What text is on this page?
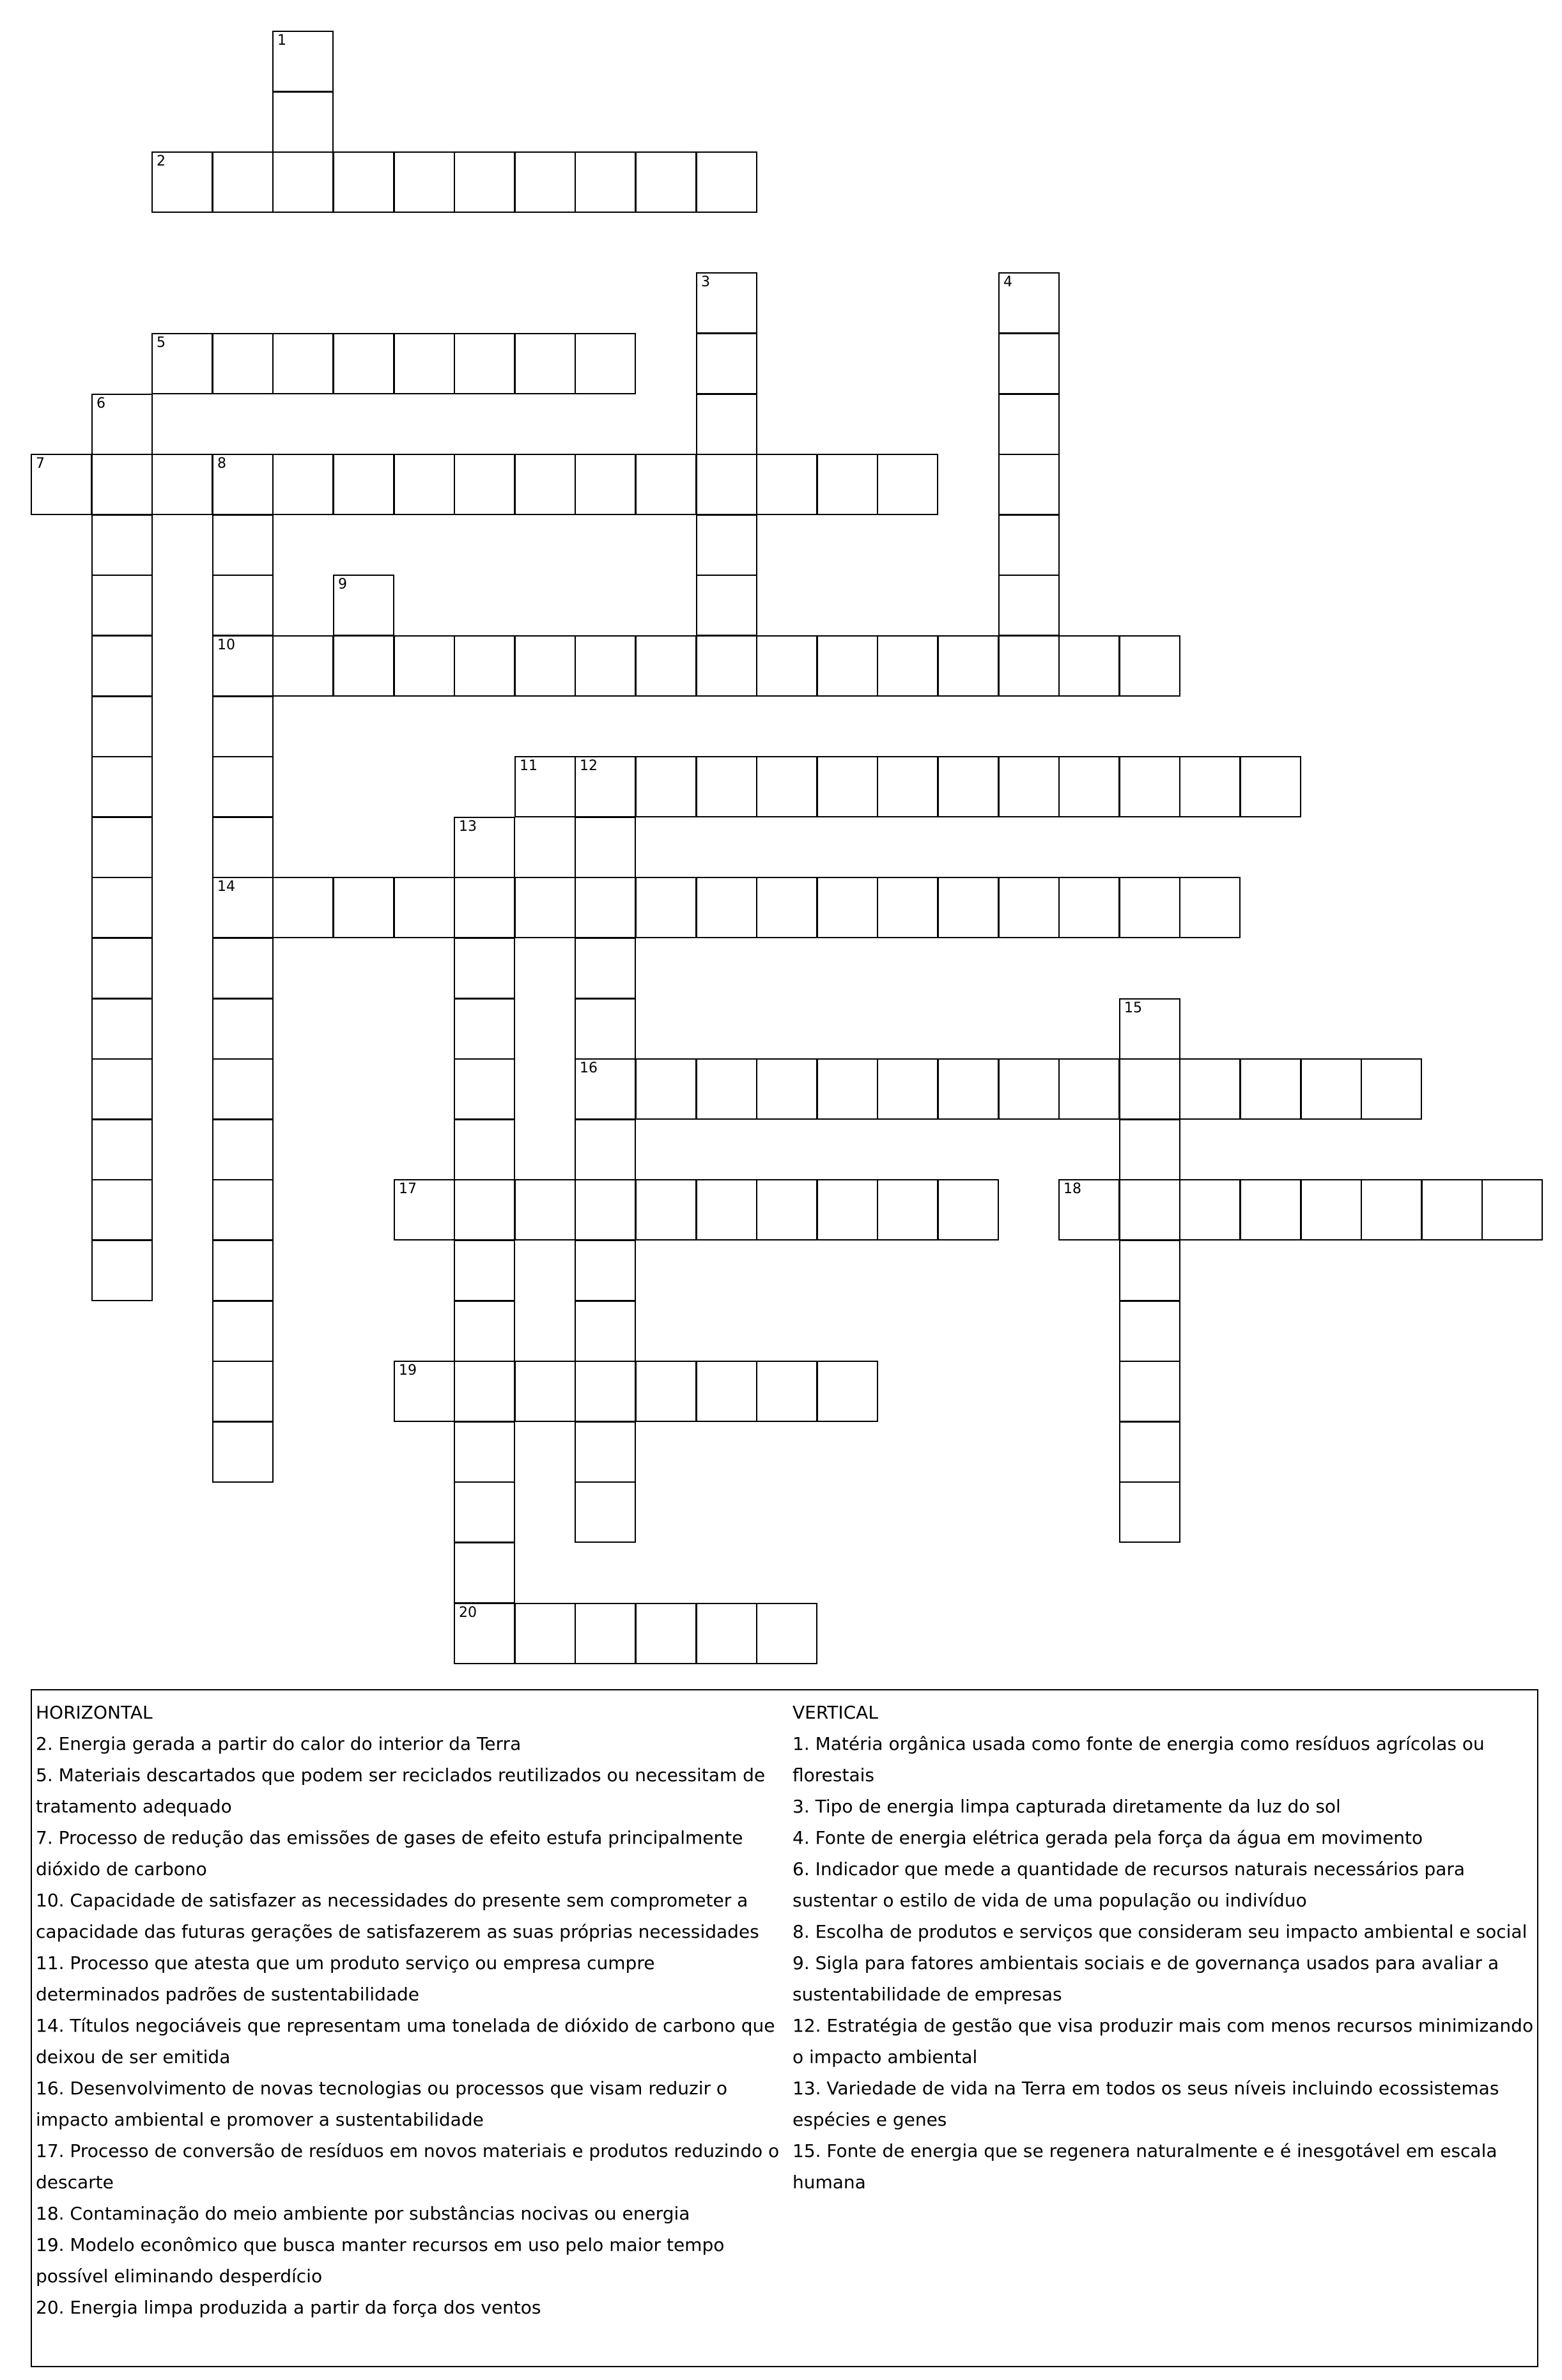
2
5
7	8
10
11	12
14
16
17	18
19
20
1
3	4
6
9
13
15

HORIZONTAL

2. Energia gerada a partir do calor do interior da Terra

5. Materiais descartados que podem ser reciclados reutilizados ou necessitam de tratamento adequado

7. Processo de redução das emissões de gases de efeito estufa principalmente dióxido de carbono

10. Capacidade de satisfazer as necessidades do presente sem comprometer a capacidade das futuras gerações de satisfazerem as suas próprias necessidades

11. Processo que atesta que um produto serviço ou empresa cumpre determinados padrões de sustentabilidade

14. Títulos negociáveis que representam uma tonelada de dióxido de carbono que deixou de ser emitida

16. Desenvolvimento de novas tecnologias ou processos que visam reduzir o impacto ambiental e promover a sustentabilidade

17. Processo de conversão de resíduos em novos materiais e produtos reduzindo o descarte

18. Contaminação do meio ambiente por substâncias nocivas ou energia

19. Modelo econômico que busca manter recursos em uso pelo maior tempo possível eliminando desperdício

20. Energia limpa produzida a partir da força dos ventos

VERTICAL

1. Matéria orgânica usada como fonte de energia como resíduos agrícolas ou florestais

3. Tipo de energia limpa capturada diretamente da luz do sol

4. Fonte de energia elétrica gerada pela força da água em movimento

6. Indicador que mede a quantidade de recursos naturais necessários para sustentar o estilo de vida de uma população ou indivíduo

8. Escolha de produtos e serviços que consideram seu impacto ambiental e social

9. Sigla para fatores ambientais sociais e de governança usados para avaliar a sustentabilidade de empresas

12. Estratégia de gestão que visa produzir mais com menos recursos minimizando o impacto ambiental

13. Variedade de vida na Terra em todos os seus níveis incluindo ecossistemas espécies e genes

15. Fonte de energia que se regenera naturalmente e é inesgotável em escala humana
